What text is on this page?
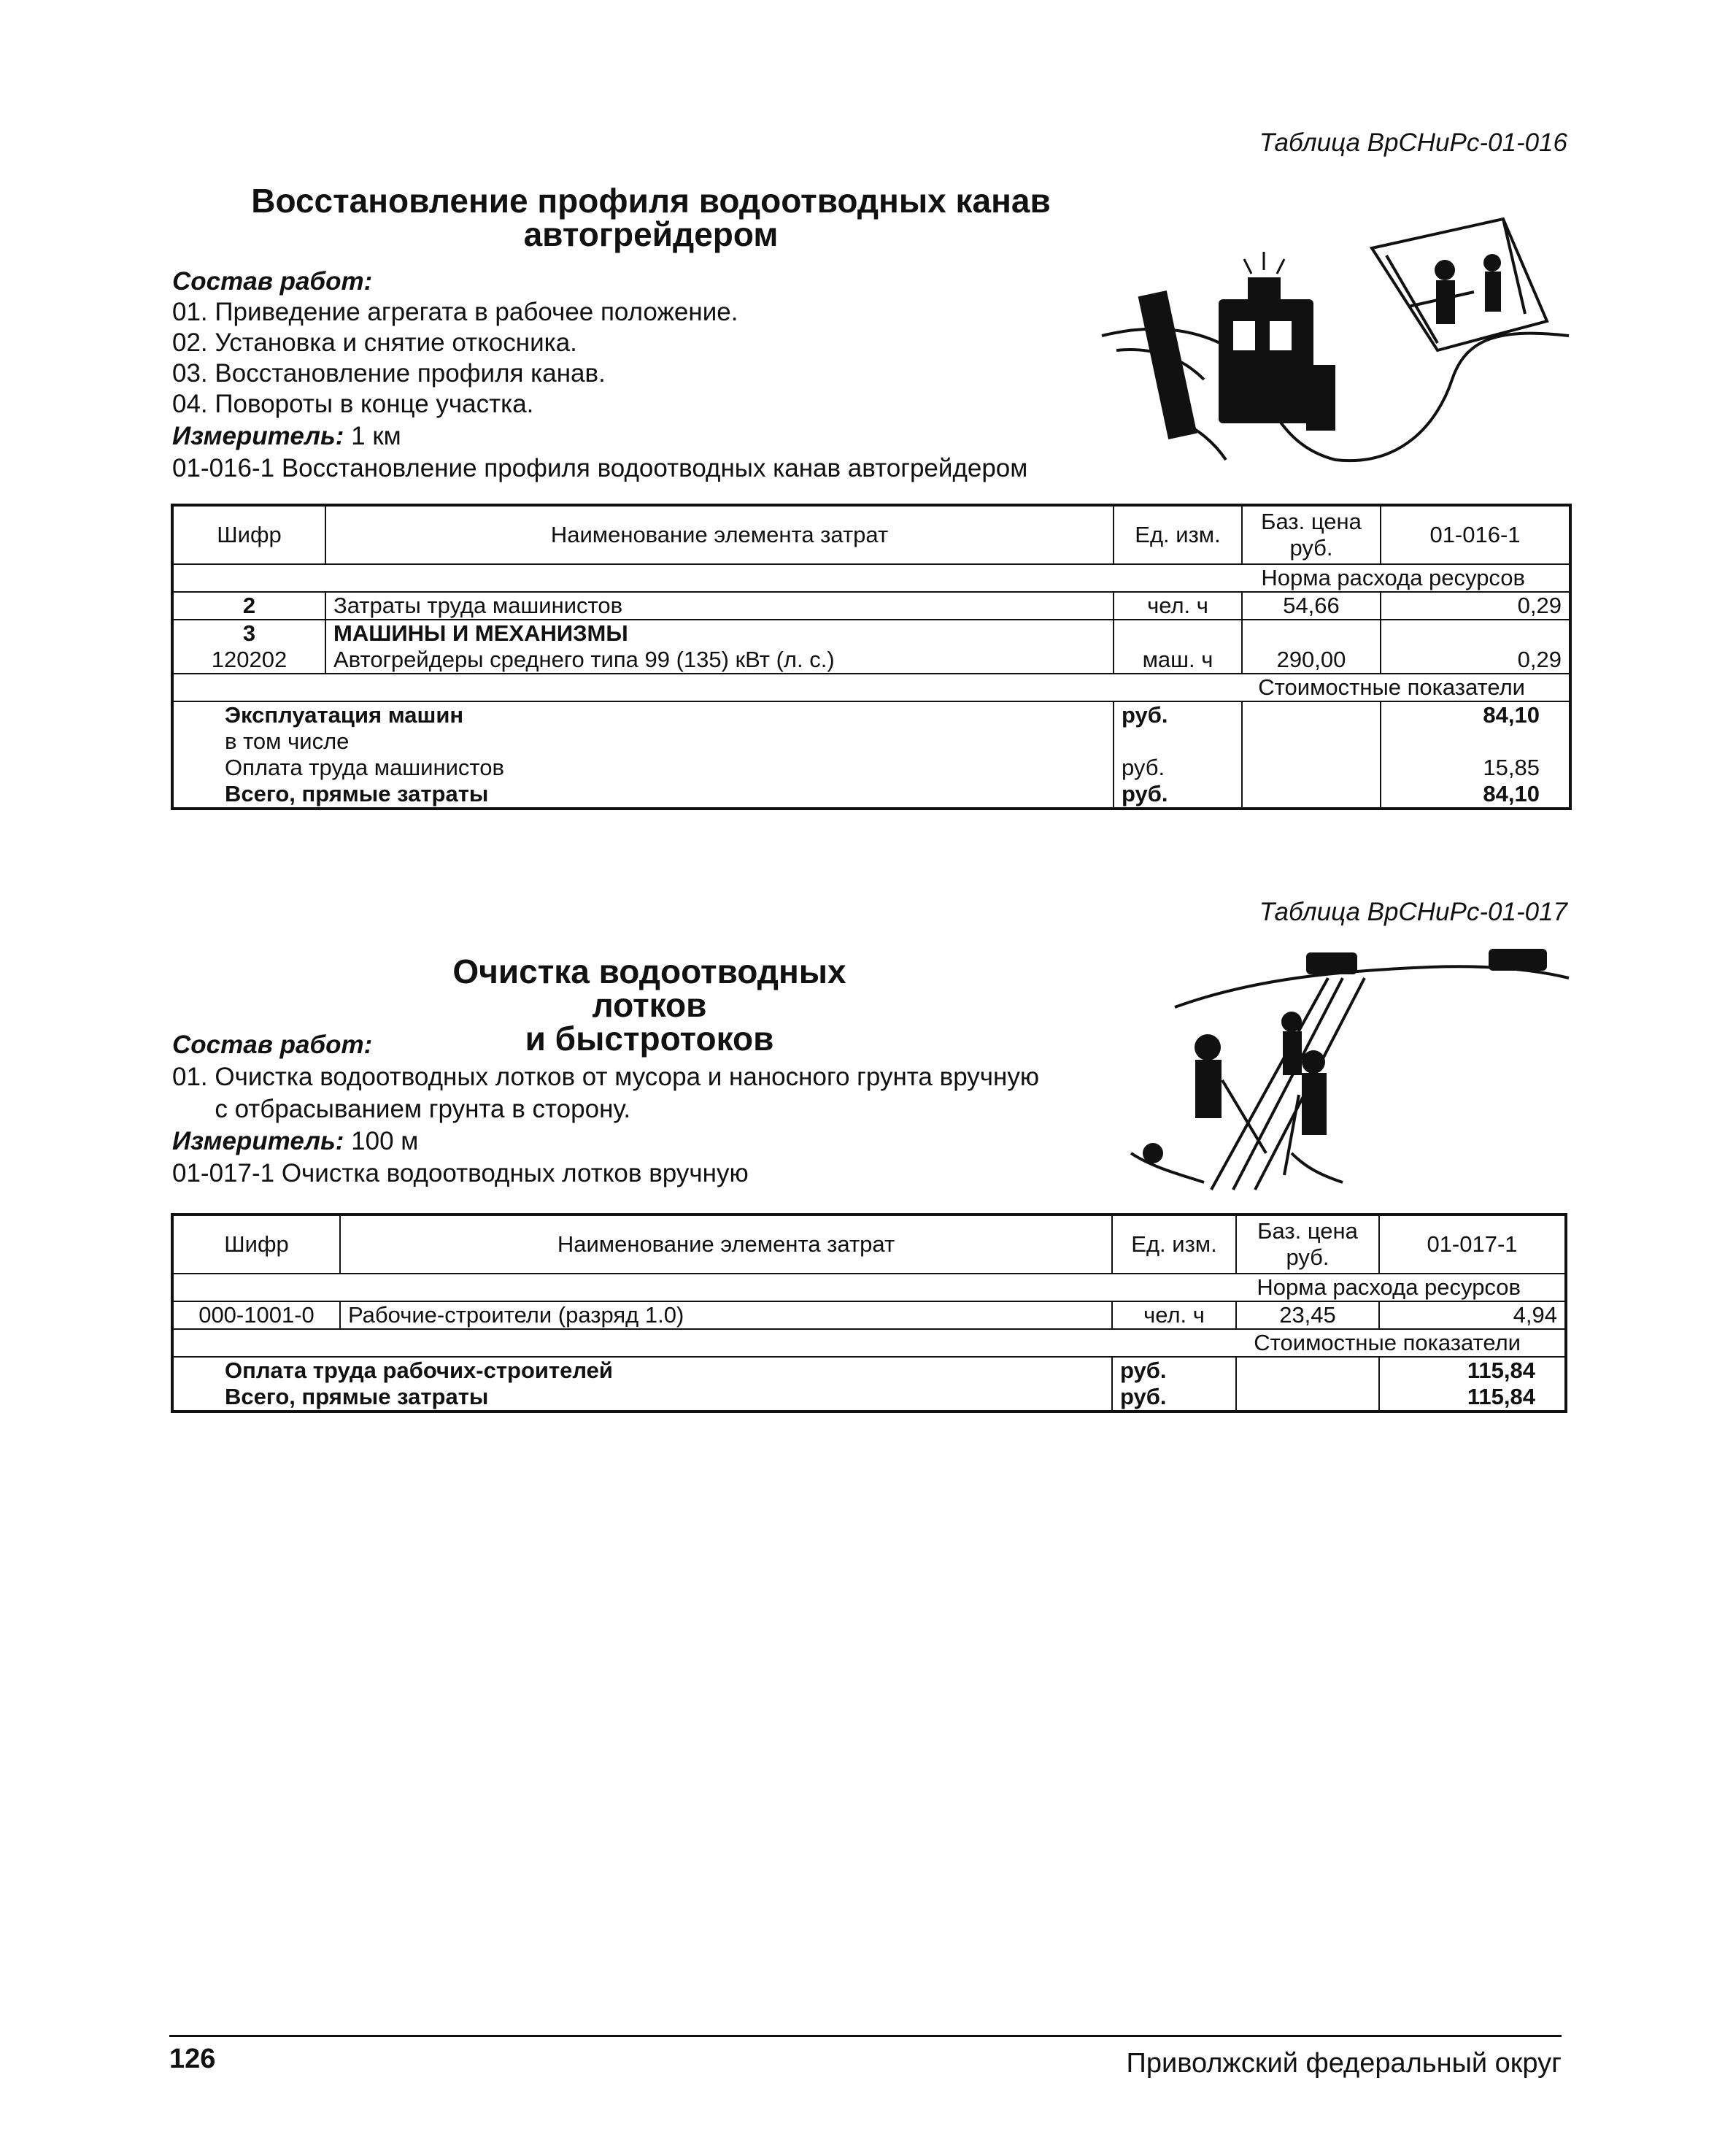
Таблица ВрСНиРс-01-016
Восстановление профиля водоотводных канав
автогрейдером
Состав работ:
01. Приведение агрегата в рабочее положение.
02. Установка и снятие откосника.
03. Восстановление профиля канав.
04. Повороты в конце участка.
Измеритель: 1 км
01-016-1 Восстановление профиля водоотводных канав автогрейдером
Шифр	Наименование элемента затрат	Ед. изм.	Баз. цена руб.	01-016-1
Норма расхода ресурсов				
2	Затраты труда машинистов	чел. ч	54,66	0,29
3	МАШИНЫ И МЕХАНИЗМЫ			
120202	Автогрейдеры среднего типа 99 (135) кВт (л. с.)	маш. ч	290,00	0,29
Стоимостные показатели				
Эксплуатация машин		руб.		84,10
в том числе				
Оплата труда машинистов		руб.		15,85
Всего, прямые затраты		руб.		84,10
Таблица ВрСНиРс-01-017
Очистка водоотводных лотков
и быстротоков
Состав работ:
01. Очистка водоотводных лотков от мусора и наносного грунта вручную
с отбрасыванием грунта в сторону.
Измеритель: 100 м
01-017-1 Очистка водоотводных лотков вручную
Шифр	Наименование элемента затрат	Ед. изм.	Баз. цена руб.	01-017-1
Норма расхода ресурсов				
000-1001-0	Рабочие-строители (разряд 1.0)	чел. ч	23,45	4,94
Стоимостные показатели				
Оплата труда рабочих-строителей		руб.		115,84
Всего, прямые затраты		руб.		115,84
126	Приволжский федеральный округ
